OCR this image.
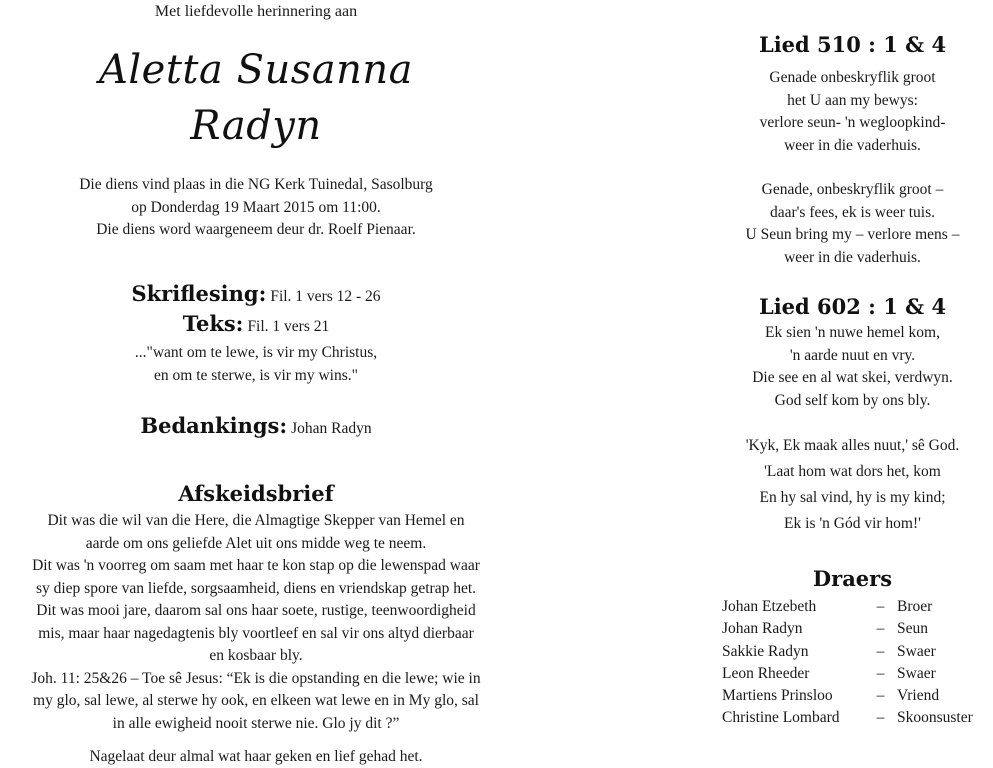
Met liefdevolle herinnering aan
Aletta Susanna
Radyn
Die diens vind plaas in die NG Kerk Tuinedal, Sasolburg
op Donderdag 19 Maart 2015 om 11:00.
Die diens word waargeneem deur dr. Roelf Pienaar.
Skriflesing: Fil. 1 vers 12 - 26
Teks: Fil. 1 vers 21
..."want om te lewe, is vir my Christus,
en om te sterwe, is vir my wins."
Bedankings: Johan Radyn
Afskeidsbrief
Dit was die wil van die Here, die Almagtige Skepper van Hemel en
aarde om ons geliefde Alet uit ons midde weg te neem.
Dit was 'n voorreg om saam met haar te kon stap op die lewenspad waar
sy diep spore van liefde, sorgsaamheid, diens en vriendskap getrap het.
Dit was mooi jare, daarom sal ons haar soete, rustige, teenwoordigheid
mis, maar haar nagedagtenis bly voortleef en sal vir ons altyd dierbaar
en kosbaar bly.
Joh. 11: 25&26 – Toe sê Jesus: “Ek is die opstanding en die lewe; wie in
my glo, sal lewe, al sterwe hy ook, en elkeen wat lewe en in My glo, sal
in alle ewigheid nooit sterwe nie. Glo jy dit ?”
Nagelaat deur almal wat haar geken en lief gehad het.
Lied 510 : 1 & 4
Genade onbeskryflik groot
het U aan my bewys:
verlore seun- 'n wegloopkind-
weer in die vaderhuis.
Genade, onbeskryflik groot –
daar's fees, ek is weer tuis.
U Seun bring my – verlore mens –
weer in die vaderhuis.
Lied 602 : 1 & 4
Ek sien 'n nuwe hemel kom,
'n aarde nuut en vry.
Die see en al wat skei, verdwyn.
God self kom by ons bly.
'Kyk, Ek maak alles nuut,' sê God.
'Laat hom wat dors het, kom
En hy sal vind, hy is my kind;
Ek is 'n Gód vir hom!'
Draers
Johan Etzebeth	– Broer
Johan Radyn	– Seun
Sakkie Radyn	– Swaer
Leon Rheeder	– Swaer
Martiens Prinsloo	– Vriend
Christine Lombard	– Skoonsuster
